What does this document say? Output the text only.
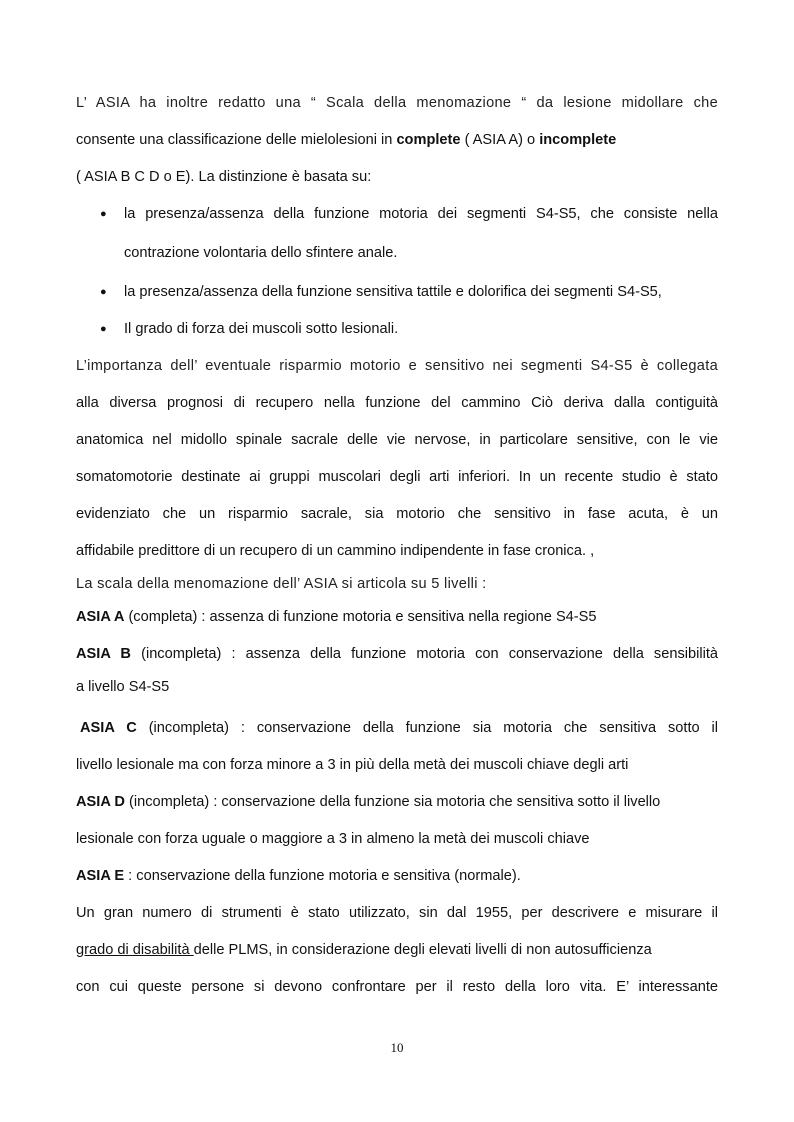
L’ ASIA ha inoltre redatto una “ Scala della menomazione “ da lesione midollare che
consente una classificazione delle mielolesioni in complete ( ASIA A) o incomplete
( ASIA B C D o E). La distinzione è basata su:
● la presenza/assenza della funzione motoria dei segmenti S4-S5, che consiste nella
contrazione volontaria dello sfintere anale.
● la presenza/assenza della funzione sensitiva tattile e dolorifica dei segmenti S4-S5,
● Il grado di forza dei muscoli sotto lesionali.
L’importanza dell’ eventuale risparmio motorio e sensitivo nei segmenti S4-S5 è collegata
alla diversa prognosi di recupero nella funzione del cammino Ciò deriva dalla contiguità
anatomica nel midollo spinale sacrale delle vie nervose, in particolare sensitive, con le vie
somatomotorie destinate ai gruppi muscolari degli arti inferiori. In un recente studio è stato
evidenziato che un risparmio sacrale, sia motorio che sensitivo in fase acuta, è un
affidabile predittore di un recupero di un cammino indipendente in fase cronica. ,
La scala della menomazione dell’ ASIA si articola su 5 livelli :
ASIA A (completa) : assenza di funzione motoria e sensitiva nella regione S4-S5
ASIA B (incompleta) : assenza della funzione motoria con conservazione della sensibilità
a livello S4-S5
ASIA C (incompleta) : conservazione della funzione sia motoria che sensitiva sotto il
livello lesionale ma con forza minore a 3 in più della metà dei muscoli chiave degli arti
ASIA D (incompleta) : conservazione della funzione sia motoria che sensitiva sotto il livello
lesionale con forza uguale o maggiore a 3 in almeno la metà dei muscoli chiave
ASIA E : conservazione della funzione motoria e sensitiva (normale).
Un gran numero di strumenti è stato utilizzato, sin dal 1955, per descrivere e misurare il
grado di disabilità delle PLMS, in considerazione degli elevati livelli di non autosufficienza
con cui queste persone si devono confrontare per il resto della loro vita. E’ interessante
10
